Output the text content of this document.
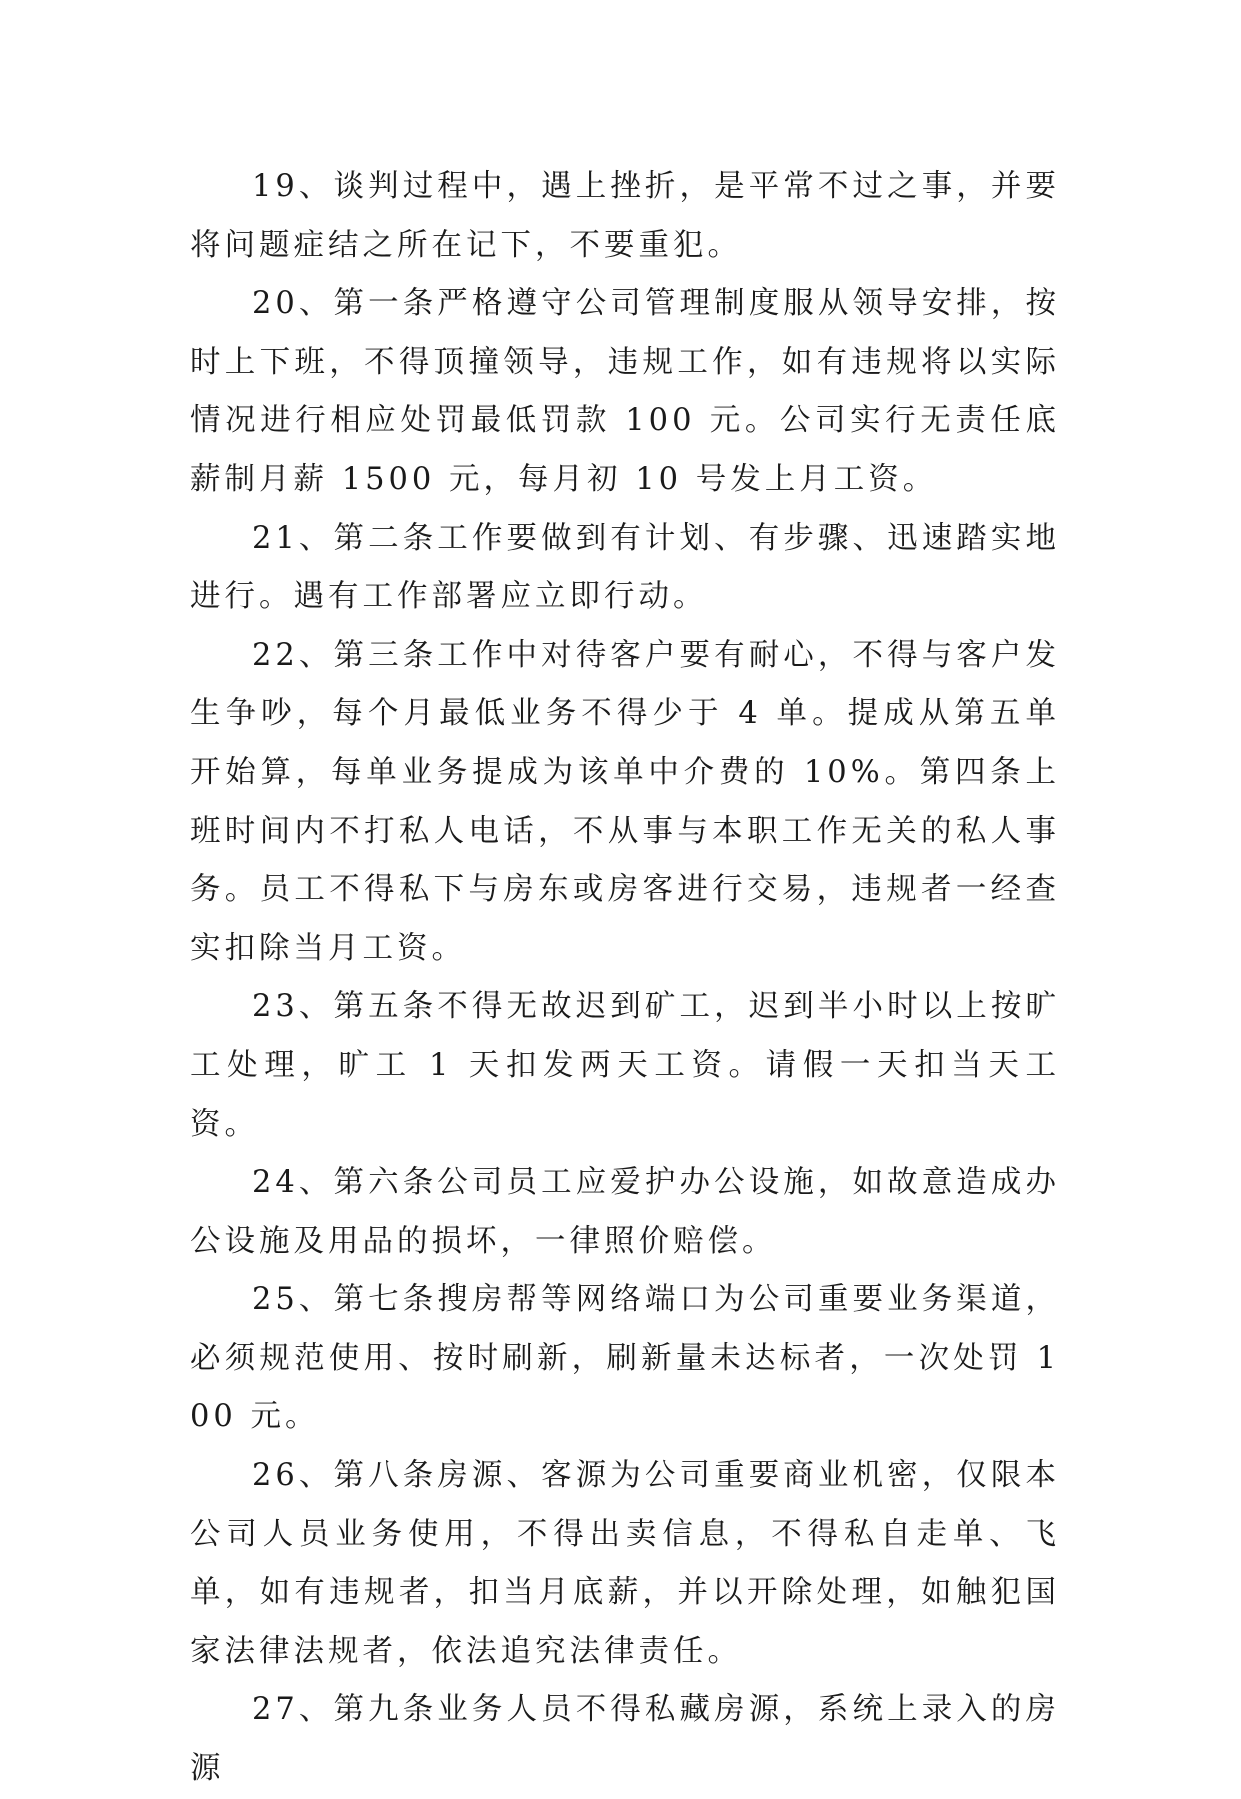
19、谈判过程中，遇上挫折，是平常不过之事，并要将问题症结之所在记下，不要重犯。

20、第一条严格遵守公司管理制度服从领导安排，按时上下班，不得顶撞领导，违规工作，如有违规将以实际情况进行相应处罚最低罚款 100 元。公司实行无责任底薪制月薪 1500 元，每月初 10 号发上月工资。

21、第二条工作要做到有计划、有步骤、迅速踏实地进行。遇有工作部署应立即行动。

22、第三条工作中对待客户要有耐心，不得与客户发生争吵，每个月最低业务不得少于 4 单。提成从第五单开始算，每单业务提成为该单中介费的 10%。第四条上班时间内不打私人电话，不从事与本职工作无关的私人事务。员工不得私下与房东或房客进行交易，违规者一经查实扣除当月工资。

23、第五条不得无故迟到矿工，迟到半小时以上按旷工处理，旷工 1 天扣发两天工资。请假一天扣当天工资。

24、第六条公司员工应爱护办公设施，如故意造成办公设施及用品的损坏，一律照价赔偿。

25、第七条搜房帮等网络端口为公司重要业务渠道，必须规范使用、按时刷新，刷新量未达标者，一次处罚 100 元。

26、第八条房源、客源为公司重要商业机密，仅限本公司人员业务使用，不得出卖信息，不得私自走单、飞单，如有违规者，扣当月底薪，并以开除处理，如触犯国家法律法规者，依法追究法律责任。

27、第九条业务人员不得私藏房源，系统上录入的房源
